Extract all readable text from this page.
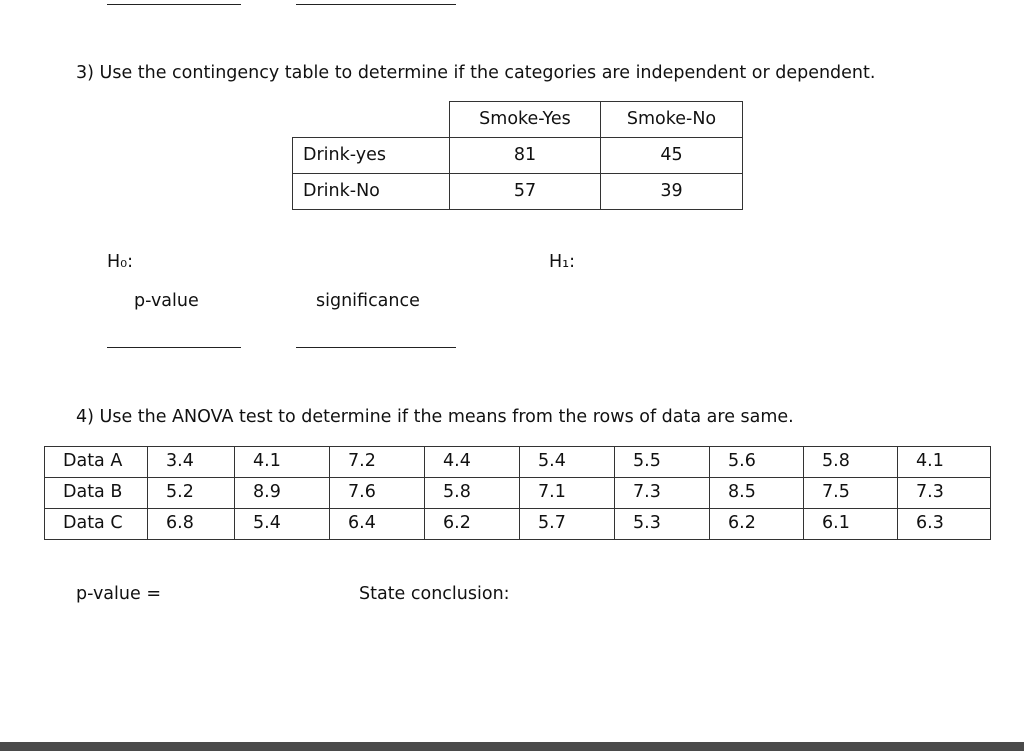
3) Use the contingency table to determine if the categories are independent or dependent.
	Smoke-Yes	Smoke-No
Drink-yes	81	45
Drink-No	57	39
H₀:	H₁:
p-value	significance
4) Use the ANOVA test to determine if the means from the rows of data are same.
Data A	3.4	4.1	7.2	4.4	5.4	5.5	5.6	5.8	4.1
Data B	5.2	8.9	7.6	5.8	7.1	7.3	8.5	7.5	7.3
Data C	6.8	5.4	6.4	6.2	5.7	5.3	6.2	6.1	6.3
p-value =	State conclusion:
